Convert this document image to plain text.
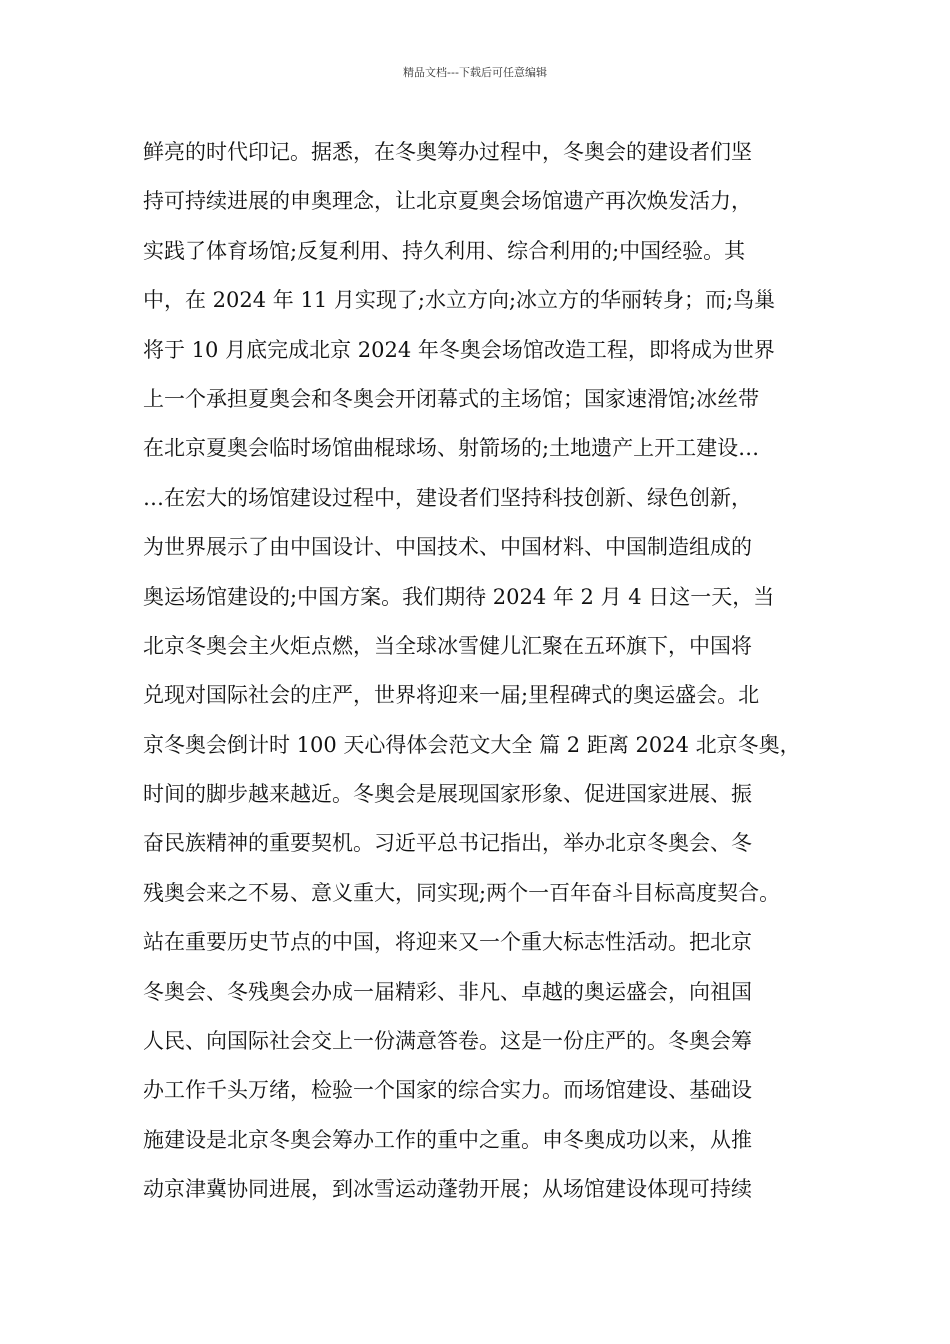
精品文档---下载后可任意编辑
鲜亮的时代印记。据悉，在冬奥筹办过程中，冬奥会的建设者们坚
持可持续进展的申奥理念，让北京夏奥会场馆遗产再次焕发活力，
实践了体育场馆;反复利用、持久利用、综合利用的;中国经验。其
中，在 2024 年 11 月实现了;水立方向;冰立方的华丽转身；而;鸟巢
将于 10 月底完成北京 2024 年冬奥会场馆改造工程，即将成为世界
上一个承担夏奥会和冬奥会开闭幕式的主场馆；国家速滑馆;冰丝带
在北京夏奥会临时场馆曲棍球场、射箭场的;土地遗产上开工建设…
…在宏大的场馆建设过程中，建设者们坚持科技创新、绿色创新，
为世界展示了由中国设计、中国技术、中国材料、中国制造组成的
奥运场馆建设的;中国方案。我们期待 2024 年 2 月 4 日这一天，当
北京冬奥会主火炬点燃，当全球冰雪健儿汇聚在五环旗下，中国将
兑现对国际社会的庄严，世界将迎来一届;里程碑式的奥运盛会。北
京冬奥会倒计时 100 天心得体会范文大全 篇 2 距离 2024 北京冬奥，
时间的脚步越来越近。冬奥会是展现国家形象、促进国家进展、振
奋民族精神的重要契机。习近平总书记指出，举办北京冬奥会、冬
残奥会来之不易、意义重大，同实现;两个一百年奋斗目标高度契合。
站在重要历史节点的中国，将迎来又一个重大标志性活动。把北京
冬奥会、冬残奥会办成一届精彩、非凡、卓越的奥运盛会，向祖国
人民、向国际社会交上一份满意答卷。这是一份庄严的。冬奥会筹
办工作千头万绪，检验一个国家的综合实力。而场馆建设、基础设
施建设是北京冬奥会筹办工作的重中之重。申冬奥成功以来，从推
动京津冀协同进展，到冰雪运动蓬勃开展；从场馆建设体现可持续
